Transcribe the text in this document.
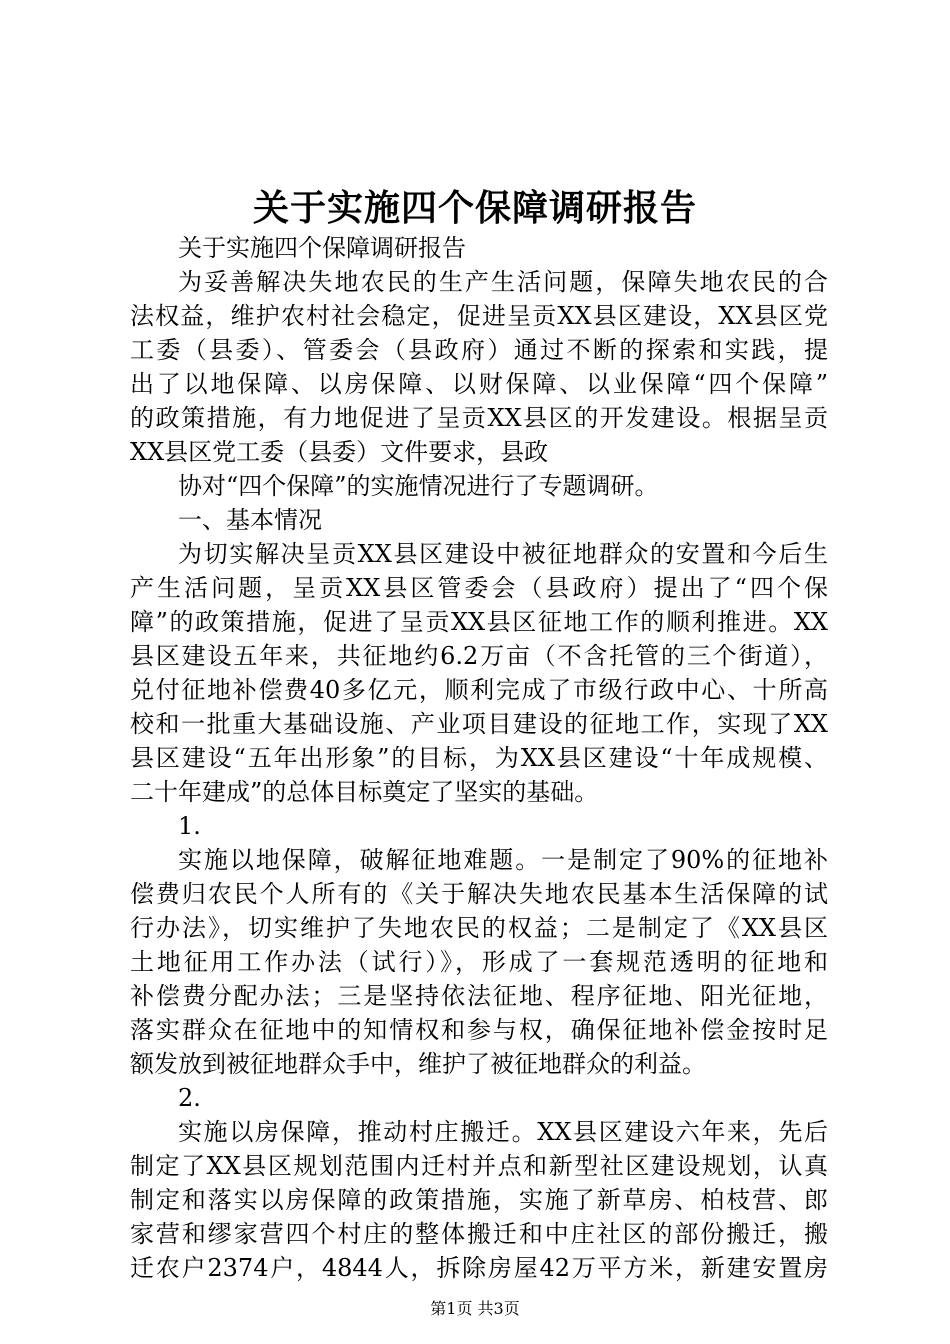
关于实施四个保障调研报告
关于实施四个保障调研报告
为妥善解决失地农民的生产生活问题，保障失地农民的合
法权益，维护农村社会稳定，促进呈贡XX县区建设，XX县区党
工委（县委）、管委会（县政府）通过不断的探索和实践，提
出了以地保障、以房保障、以财保障、以业保障“四个保障”
的政策措施，有力地促进了呈贡XX县区的开发建设。根据呈贡
XX县区党工委（县委）文件要求，县政
协对“四个保障”的实施情况进行了专题调研。
一、基本情况
为切实解决呈贡XX县区建设中被征地群众的安置和今后生
产生活问题，呈贡XX县区管委会（县政府）提出了“四个保
障”的政策措施，促进了呈贡XX县区征地工作的顺利推进。XX
县区建设五年来，共征地约6.2万亩（不含托管的三个街道），
兑付征地补偿费40多亿元，顺利完成了市级行政中心、十所高
校和一批重大基础设施、产业项目建设的征地工作，实现了XX
县区建设“五年出形象”的目标，为XX县区建设“十年成规模、
二十年建成”的总体目标奠定了坚实的基础。
1.
实施以地保障，破解征地难题。一是制定了90%的征地补
偿费归农民个人所有的《关于解决失地农民基本生活保障的试
行办法》，切实维护了失地农民的权益；二是制定了《XX县区
土地征用工作办法（试行）》，形成了一套规范透明的征地和
补偿费分配办法；三是坚持依法征地、程序征地、阳光征地，
落实群众在征地中的知情权和参与权，确保征地补偿金按时足
额发放到被征地群众手中，维护了被征地群众的利益。
2.
实施以房保障，推动村庄搬迁。XX县区建设六年来，先后
制定了XX县区规划范围内迁村并点和新型社区建设规划，认真
制定和落实以房保障的政策措施，实施了新草房、柏枝营、郎
家营和缪家营四个村庄的整体搬迁和中庄社区的部份搬迁，搬
迁农户2374户，4844人，拆除房屋42万平方米，新建安置房
第1页 共3页
